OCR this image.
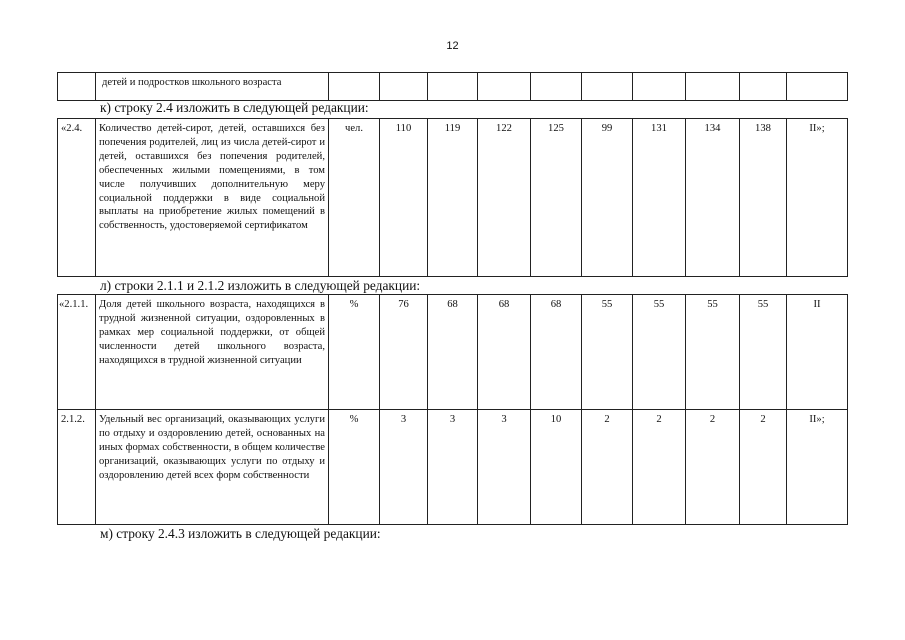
12
	детей и подростков школьного возраста										
к) строку 2.4 изложить в следующей редакции:
«2.4.	Количество детей-сирот, детей, оставшихся без попечения родителей, лиц из числа детей-сирот и детей, оставшихся без попечения родителей, обеспеченных жилыми помещениями, в том числе получивших дополнительную меру социальной поддержки в виде социальной выплаты на приобретение жилых помещений в собственность, удостоверяемой сертификатом	чел.	110	119	122	125	99	131	134	138	II»;
л) строки 2.1.1 и 2.1.2 изложить в следующей редакции:
«2.1.1.	Доля детей школьного возраста, находящихся в трудной жизненной ситуации, оздоровленных в рамках мер социальной поддержки, от общей численности детей школьного возраста, находящихся в трудной жизненной ситуации	%	76	68	68	68	55	55	55	55	II
2.1.2.	Удельный вес организаций, оказывающих услуги по отдыху и оздоровлению детей, основанных на иных формах собственности, в общем количестве организаций, оказывающих услуги по отдыху и оздоровлению детей всех форм собственности	%	3	3	3	10	2	2	2	2	II»;
м) строку 2.4.3 изложить в следующей редакции:
